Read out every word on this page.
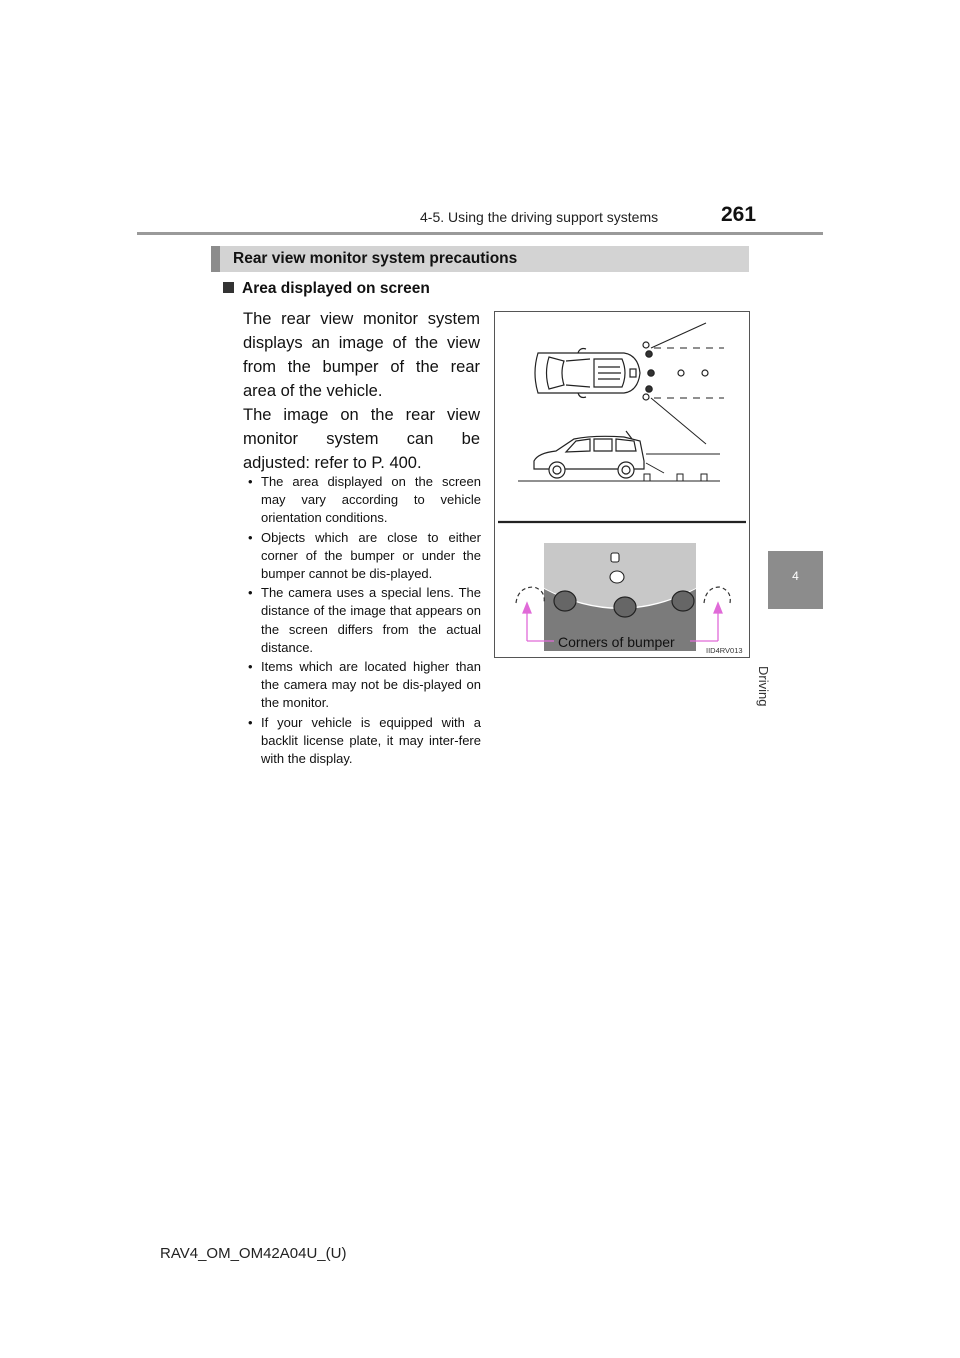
4-5. Using the driving support systems	261
4
Driving
Rear view monitor system precautions
Area displayed on screen
The rear view monitor system displays an image of the view from the bumper of the rear area of the vehicle.
The image on the rear view monitor system can be adjusted: refer to P. 400.
• The area displayed on the screen may vary according to vehicle orientation conditions.
• Objects which are close to either corner of the bumper or under the bumper cannot be dis-played.
• The camera uses a special lens. The distance of the image that appears on the screen differs from the actual distance.
• Items which are located higher than the camera may not be dis-played on the monitor.
• If your vehicle is equipped with a backlit license plate, it may inter-fere with the display.
Corners of bumper
IID4RV013
RAV4_OM_OM42A04U_(U)
